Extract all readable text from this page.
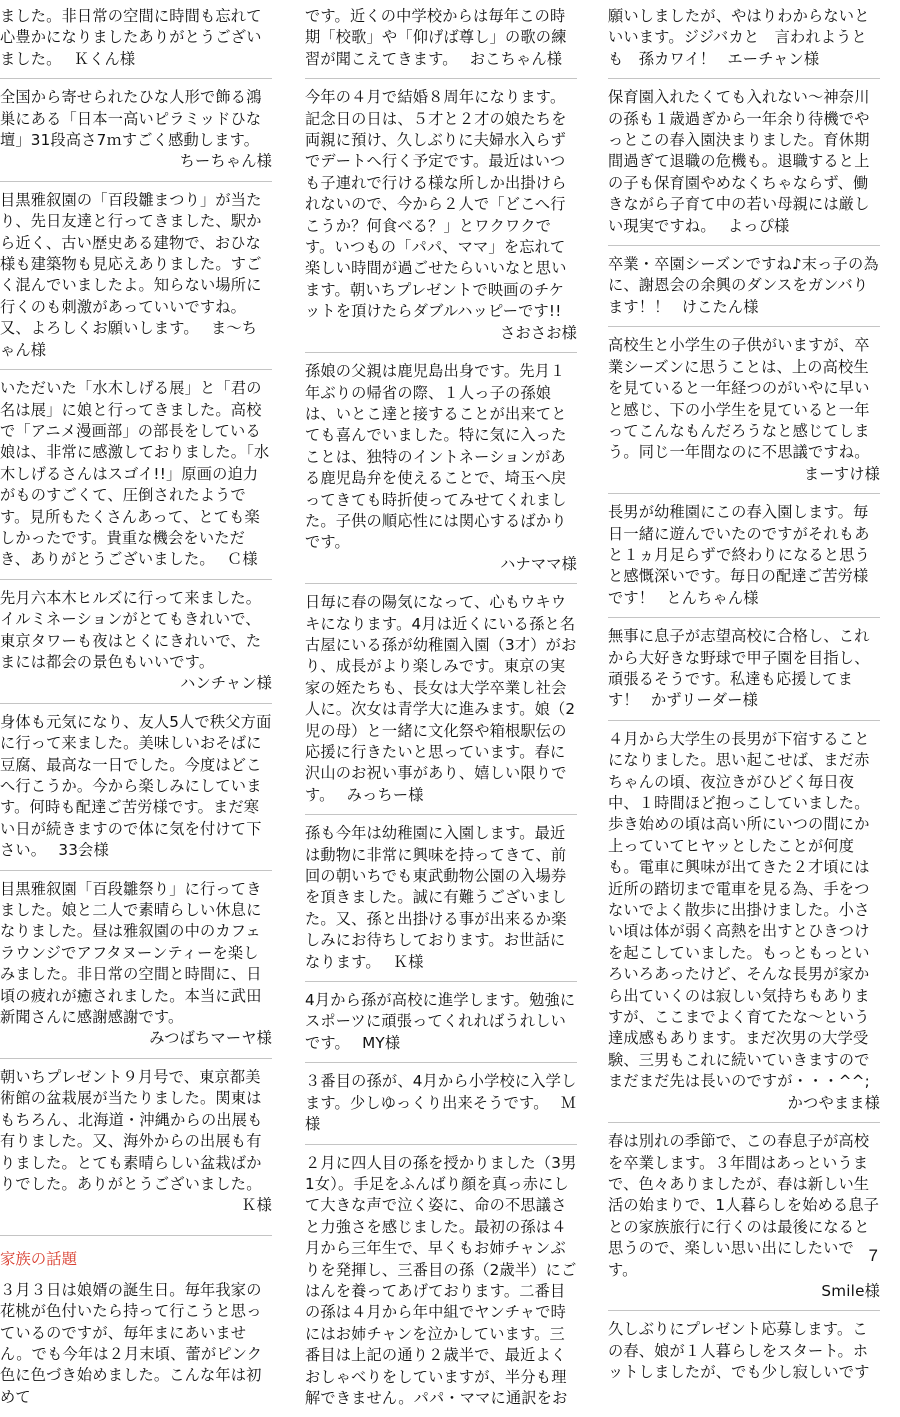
ました。非日常の空間に時間も忘れて心豊かになりましたありがとうございました。 Ｋくん様
全国から寄せられたひな人形で飾る鴻巣にある「日本一高いピラミッドひな壇」31段高さ7ｍすごく感動します。
ちーちゃん様
目黒雅叙園の「百段雛まつり」が当たり、先日友達と行ってきました、駅から近く、古い歴史ある建物で、おひな様も建築物も見応えありました。すごく混んでいましたよ。知らない場所に行くのも刺激があっていいですね。又、よろしくお願いします。 ま～ちゃん様
いただいた「水木しげる展」と「君の名は展」に娘と行ってきました。高校で「アニメ漫画部」の部長をしている娘は、非常に感激しておりました。「水木しげるさんはスゴイ!!」原画の迫力がものすごくて、圧倒されたようです。見所もたくさんあって、とても楽しかったです。貴重な機会をいただき、ありがとうございました。 Ｃ様
先月六本木ヒルズに行って来ました。イルミネーションがとてもきれいで、東京タワーも夜はとくにきれいで、たまには都会の景色もいいです。
ハンチャン様
身体も元気になり、友人5人で秩父方面に行って来ました。美味しいおそばに豆腐、最高な一日でした。今度はどこへ行こうか。今から楽しみにしています。何時も配達ご苦労様です。まだ寒い日が続きますので体に気を付けて下さい。 33会様
目黒雅叙園「百段雛祭り」に行ってきました。娘と二人で素晴らしい休息になりました。昼は雅叙園の中のカフェラウンジでアフタヌーンティーを楽しみました。非日常の空間と時間に、日頃の疲れが癒されました。本当に武田新聞さんに感謝感謝です。
みつばちマーヤ様
朝いちプレゼント９月号で、東京都美術館の盆栽展が当たりました。関東はもちろん、北海道・沖縄からの出展も有りました。又、海外からの出展も有りました。とても素晴らしい盆栽ばかりでした。ありがとうございました。
Ｋ様
家族の話題
３月３日は娘婿の誕生日。毎年我家の花桃が色付いたら持って行こうと思っているのですが、毎年まにあいません。でも今年は２月末頃、蕾がピンク色に色づき始めました。こんな年は初めて
です。近くの中学校からは毎年この時期「校歌」や「仰げば尊し」の歌の練習が聞こえてきます。 おこちゃん様
今年の４月で結婚８周年になります。記念日の日は、５才と２才の娘たちを両親に預け、久しぶりに夫婦水入らずでデートへ行く予定です。最近はいつも子連れで行ける様な所しか出掛けられないので、今から２人で「どこへ行こうか？何食べる？」とワクワクです。いつもの「パパ、ママ」を忘れて楽しい時間が過ごせたらいいなと思います。朝いちプレゼントで映画のチケットを頂けたらダブルハッピーです!!
さおさお様
孫娘の父親は鹿児島出身です。先月１年ぶりの帰省の際、１人っ子の孫娘は、いとこ達と接することが出来てとても喜んでいました。特に気に入ったことは、独特のイントネーションがある鹿児島弁を使えることで、埼玉へ戻ってきても時折使ってみせてくれました。子供の順応性には関心するばかりです。
ハナママ様
日毎に春の陽気になって、心もウキウキになります。4月は近くにいる孫と名古屋にいる孫が幼稚園入園（3才）がおり、成長がより楽しみです。東京の実家の姪たちも、長女は大学卒業し社会人に。次女は青学大に進みます。娘（2児の母）と一緒に文化祭や箱根駅伝の応援に行きたいと思っています。春に沢山のお祝い事があり、嬉しい限りです。 みっちー様
孫も今年は幼稚園に入園します。最近は動物に非常に興味を持ってきて、前回の朝いちでも東武動物公園の入場券を頂きました。誠に有難うございました。又、孫と出掛ける事が出来るか楽しみにお待ちしております。お世話になります。 Ｋ様
4月から孫が高校に進学します。勉強にスポーツに頑張ってくれればうれしいです。 MY様
３番目の孫が、4月から小学校に入学します。少しゆっくり出来そうです。 Ｍ様
２月に四人目の孫を授かりました（3男1女）。手足をふんばり顔を真っ赤にして大きな声で泣く姿に、命の不思議さと力強さを感じました。最初の孫は４月から三年生で、早くもお姉チャンぶりを発揮し、三番目の孫（2歳半）にごはんを養ってあげております。二番目の孫は４月から年中組でヤンチャで時にはお姉チャンを泣かしています。三番目は上記の通り２歳半で、最近よくおしゃべりをしていますが、半分も理解できません。パパ・ママに通訳をお
願いしましたが、やはりわからないといいます。ジジバカと　言われようとも　孫カワイ！ エーチャン様
保育園入れたくても入れない～神奈川の孫も１歳過ぎから一年余り待機でやっとこの春入園決まりました。育休期間過ぎて退職の危機も。退職すると上の子も保育園やめなくちゃならず、働きながら子育て中の若い母親には厳しい現実ですね。 よっぴ様
卒業・卒園シーズンですね♪末っ子の為に、謝恩会の余興のダンスをガンバります！！ けこたん様
高校生と小学生の子供がいますが、卒業シーズンに思うことは、上の高校生を見ていると一年経つのがいやに早いと感じ、下の小学生を見ていると一年ってこんなもんだろうなと感じてしまう。同じ一年間なのに不思議ですね。
まーすけ様
長男が幼稚園にこの春入園します。毎日一緒に遊んでいたのですがそれもあと１ヵ月足らずで終わりになると思うと感慨深いです。毎日の配達ご苦労様です！ とんちゃん様
無事に息子が志望高校に合格し、これから大好きな野球で甲子園を目指し、頑張るそうです。私達も応援してます！ かずリーダー様
４月から大学生の長男が下宿することになりました。思い起こせば、まだ赤ちゃんの頃、夜泣きがひどく毎日夜中、１時間ほど抱っこしていました。歩き始めの頃は高い所にいつの間にか上っていてヒヤッとしたことが何度も。電車に興味が出てきた２才頃には近所の踏切まで電車を見る為、手をつないでよく散歩に出掛けました。小さい頃は体が弱く高熱を出すとひきつけを起こしていました。もっともっといろいろあったけど、そんな長男が家から出ていくのは寂しい気持ちもありますが、ここまでよく育てたな～という達成感もあります。まだ次男の大学受験、三男もこれに続いていきますのでまだまだ先は長いのですが・・・^^;
かつやまま様
春は別れの季節で、この春息子が高校を卒業します。３年間はあっというまで、色々ありましたが、春は新しい生活の始まりで、1人暮らしを始める息子との家族旅行に行くのは最後になると思うので、楽しい思い出にしたいです。
Smile様
久しぶりにプレゼント応募します。この春、娘が１人暮らしをスタート。ホットしましたが、でも少し寂しいです
7
